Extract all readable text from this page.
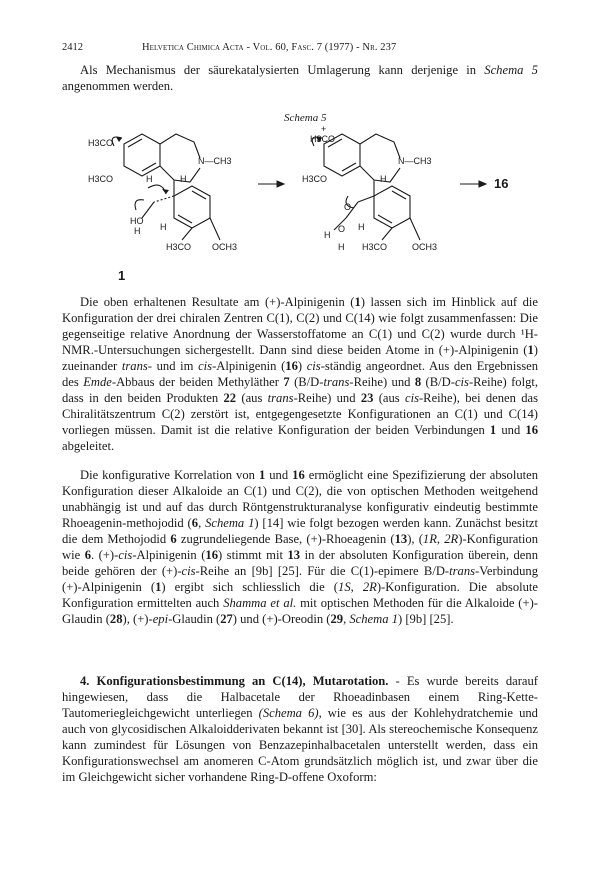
2412	Helvetica Chimica Acta - Vol. 60, Fasc. 7 (1977) - Nr. 237

Als Mechanismus der säurekatalysierten Umlagerung kann derjenige in Schema 5 angenommen werden.

Schema 5
H3CO
H3CO	H
N—CH3
H
HO
H H
H3CO OCH3
+
H3CO
H3CO
N—CH3
H
O
H
O
H
H H3CO	OCH3
1
16

Die oben erhaltenen Resultate am (+)-Alpinigenin (1) lassen sich im Hinblick auf die Konfiguration der drei chiralen Zentren C(1), C(2) und C(14) wie folgt zusammenfassen: Die gegenseitige relative Anordnung der Wasserstoffatome an C(1) und C(2) wurde durch ¹H-NMR.-Untersuchungen sichergestellt. Dann sind diese beiden Atome in (+)-Alpinigenin (1) zueinander trans- und im cis-Alpinigenin (16) cis-ständig angeordnet. Aus den Ergebnissen des Emde-Abbaus der beiden Methyläther 7 (B/D-trans-Reihe) und 8 (B/D-cis-Reihe) folgt, dass in den beiden Produkten 22 (aus trans-Reihe) und 23 (aus cis-Reihe), bei denen das Chiralitätszentrum C(2) zerstört ist, entgegengesetzte Konfigurationen an C(1) und C(14) vorliegen müssen. Damit ist die relative Konfiguration der beiden Verbindungen 1 und 16 abgeleitet.

Die konfigurative Korrelation von 1 und 16 ermöglicht eine Spezifizierung der absoluten Konfiguration dieser Alkaloide an C(1) und C(2), die von optischen Methoden weitgehend unabhängig ist und auf das durch Röntgenstrukturanalyse konfigurativ eindeutig bestimmte Rhoeagenin-methojodid (6, Schema 1) [14] wie folgt bezogen werden kann. Zunächst besitzt die dem Methojodid 6 zugrundeliegende Base, (+)-Rhoeagenin (13), (1R, 2R)-Konfiguration wie 6. (+)-cis-Alpinigenin (16) stimmt mit 13 in der absoluten Konfiguration überein, denn beide gehören der (+)-cis-Reihe an [9b] [25]. Für die C(1)-epimere B/D-trans-Verbindung (+)-Alpinigenin (1) ergibt sich schliesslich die (1S, 2R)-Konfiguration. Die absolute Konfiguration ermittelten auch Shamma et al. mit optischen Methoden für die Alkaloide (+)-Glaudin (28), (+)-epi-Glaudin (27) und (+)-Oreodin (29, Schema 1) [9b] [25].

4. Konfigurationsbestimmung an C(14), Mutarotation. - Es wurde bereits darauf hingewiesen, dass die Halbacetale der Rhoeadinbasen einem Ring-Kette-Tautomeriegleichgewicht unterliegen (Schema 6), wie es aus der Kohlehydratchemie und auch von glycosidischen Alkaloidderivaten bekannt ist [30]. Als stereochemische Konsequenz kann zumindest für Lösungen von Benzazepinhalbacetalen unterstellt werden, dass ein Konfigurationswechsel am anomeren C-Atom grundsätzlich möglich ist, und zwar über die im Gleichgewicht sicher vorhandene Ring-D-offene Oxoform:
